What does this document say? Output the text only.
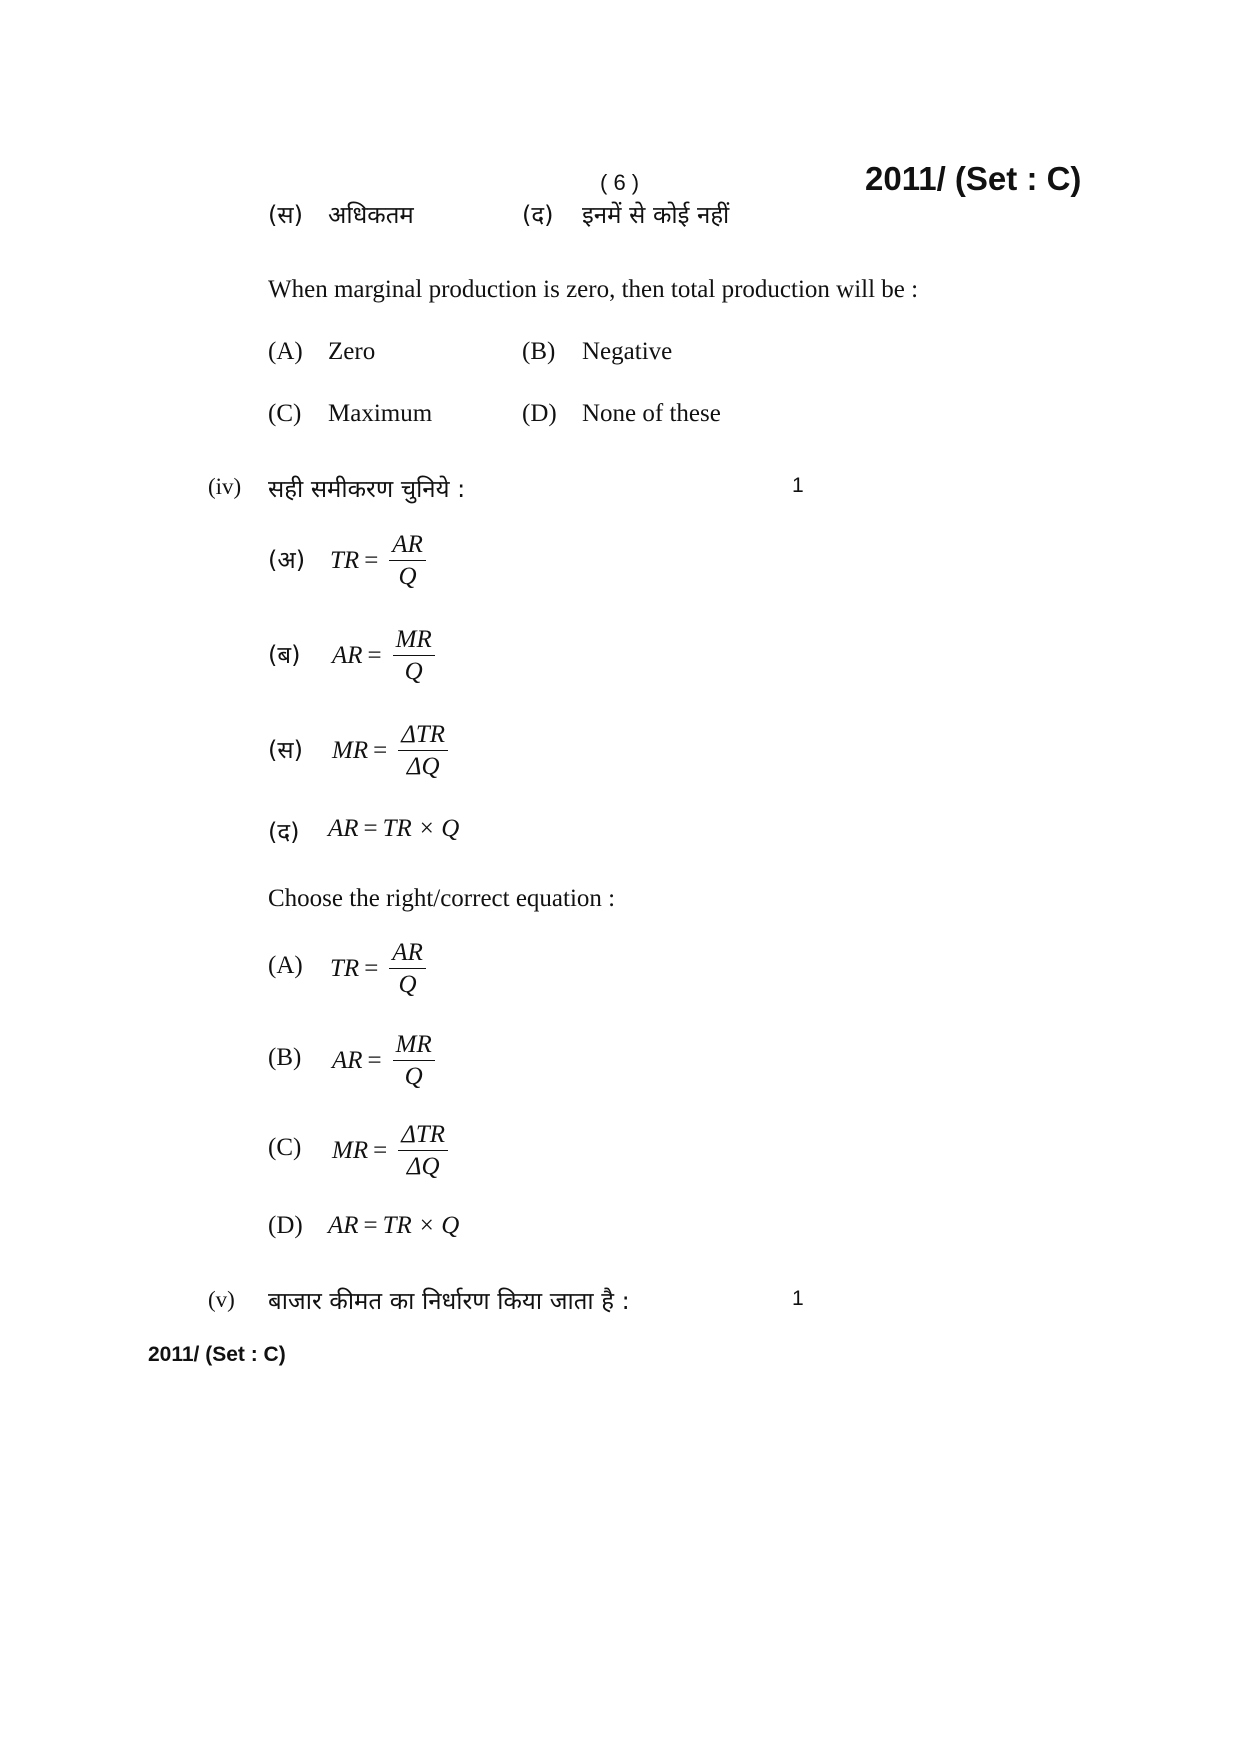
( 6 )	2011/ (Set : C)
(स) अधिकतम	(द) इनमें से कोई नहीं
When marginal production is zero, then total production will be :
(A) Zero	(B) Negative
(C) Maximum	(D) None of these
(iv) सही समीकरण चुनिये :	1
(अ) TR = $\frac{AR}{Q}$
(ब) AR = $\frac{MR}{Q}$
(स) MR = $\frac{\text{ΔTR}}{\Delta Q}$
(द) AR = TR × Q
Choose the right/correct equation :
(A) TR = $\frac{AR}{Q}$
(B) AR = $\frac{MR}{Q}$
(C) MR = $\frac{\text{ΔTR}}{\Delta Q}$
(D) AR = TR × Q
(v) बाजार कीमत का निर्धारण किया जाता है :	1
2011/ (Set : C)
